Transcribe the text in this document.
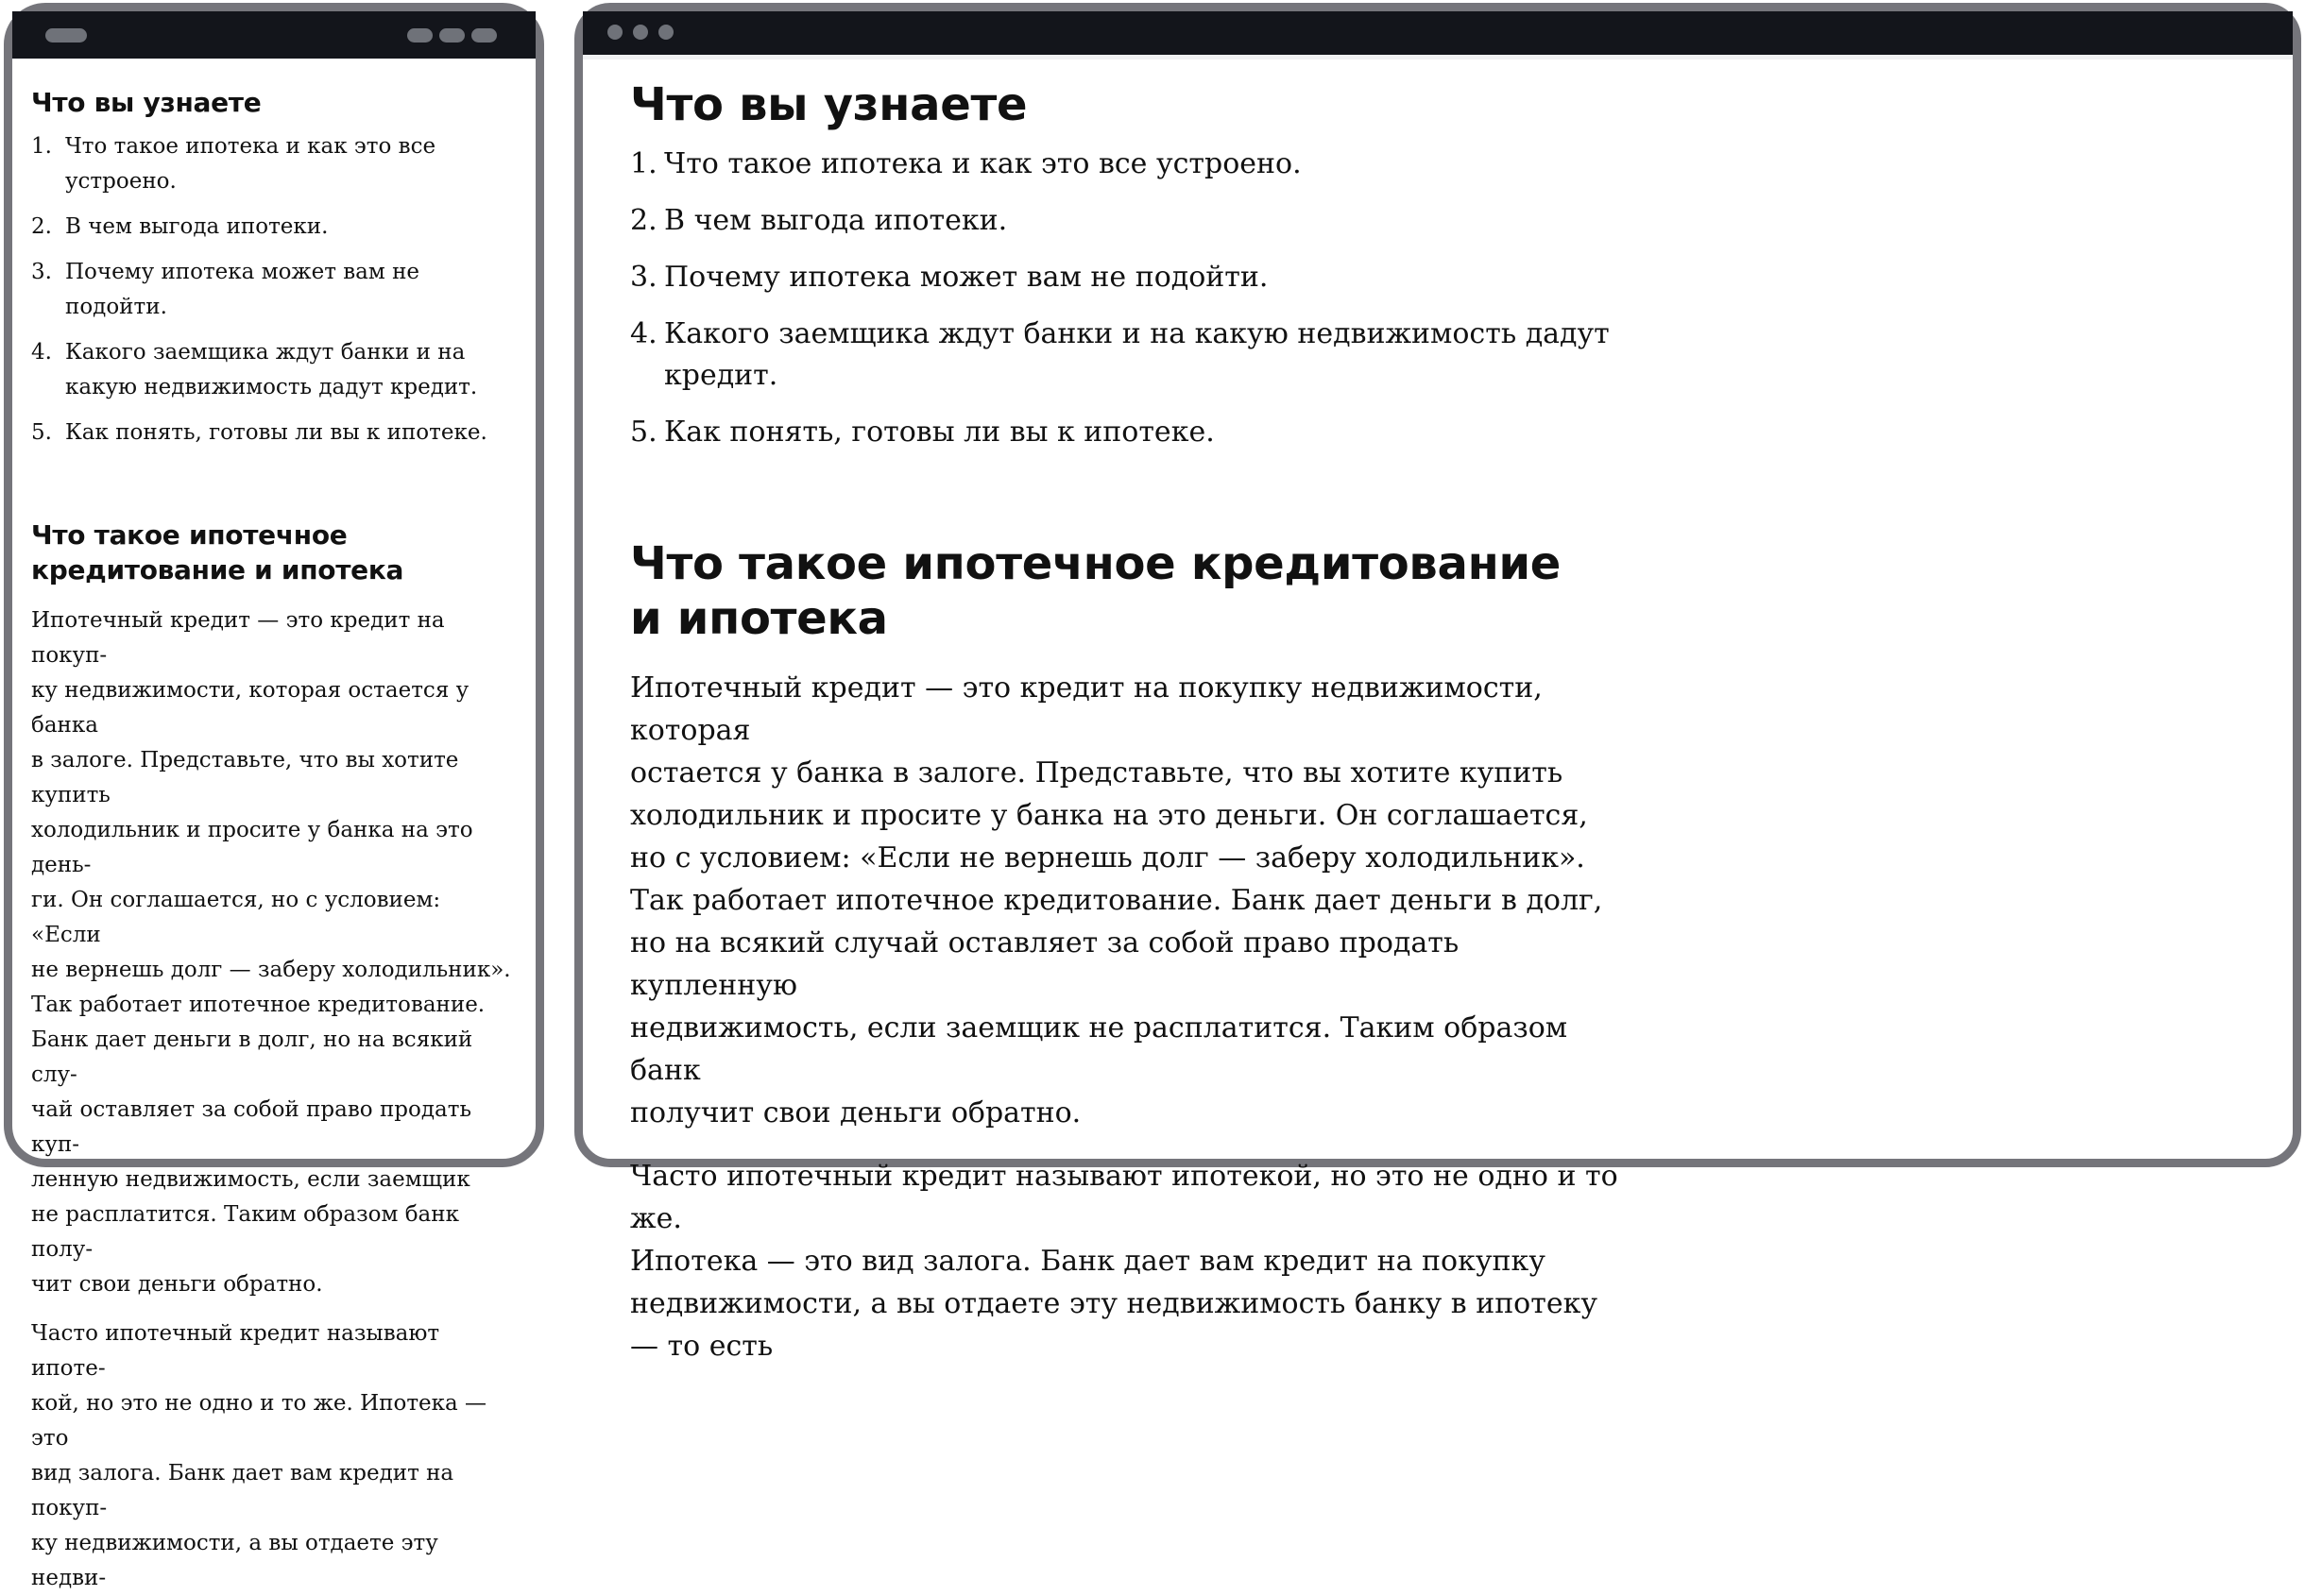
Что вы узнаете
1. Что такое ипотека и как это все устроено.
2. В чем выгода ипотеки.
3. Почему ипотека может вам не подойти.
4. Какого заемщика ждут банки и на какую недвижимость дадут кредит.
5. Как понять, готовы ли вы к ипотеке.
Что такое ипотечное
кредитование и ипотека

Ипотечный кредит — это кредит на покуп-
ку недвижимости, которая остается у банка
в залоге. Представьте, что вы хотите купить
холодильник и просите у банка на это день-
ги. Он соглашается, но с условием: «Если
не вернешь долг — заберу холодильник».
Так работает ипотечное кредитование.
Банк дает деньги в долг, но на всякий слу-
чай оставляет за собой право продать куп-
ленную недвижимость, если заемщик
не расплатится. Таким образом банк полу-
чит свои деньги обратно.

Часто ипотечный кредит называют ипоте-
кой, но это не одно и то же. Ипотека — это
вид залога. Банк дает вам кредит на покуп-
ку недвижимости, а вы отдаете эту недви-

Что вы узнаете
1. Что такое ипотека и как это все устроено.
2. В чем выгода ипотеки.
3. Почему ипотека может вам не подойти.
4. Какого заемщика ждут банки и на какую недвижимость дадут кредит.
5. Как понять, готовы ли вы к ипотеке.
Что такое ипотечное кредитование
и ипотека

Ипотечный кредит — это кредит на покупку недвижимости, которая
остается у банка в залоге. Представьте, что вы хотите купить
холодильник и просите у банка на это деньги. Он соглашается,
но с условием: «Если не вернешь долг — заберу холодильник».
Так работает ипотечное кредитование. Банк дает деньги в долг,
но на всякий случай оставляет за собой право продать купленную
недвижимость, если заемщик не расплатится. Таким образом банк
получит свои деньги обратно.

Часто ипотечный кредит называют ипотекой, но это не одно и то же.
Ипотека — это вид залога. Банк дает вам кредит на покупку
недвижимости, а вы отдаете эту недвижимость банку в ипотеку — то есть
